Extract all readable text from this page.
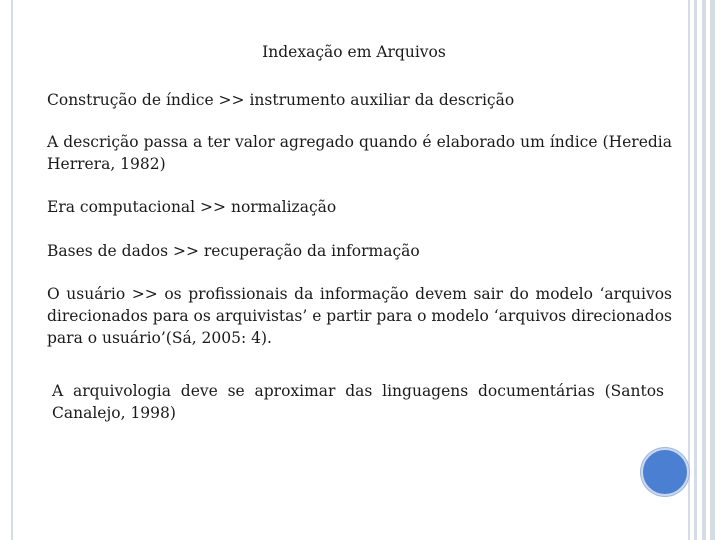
Indexação em Arquivos
Construção de índice >> instrumento auxiliar da descrição
A descrição passa a ter valor agregado quando é elaborado um índice (Heredia Herrera, 1982)
Era computacional >> normalização
Bases de dados >> recuperação da informação
O usuário >> os profissionais da informação devem sair do modelo ‘arquivos direcionados para os arquivistas’ e partir para o modelo ‘arquivos direcionados para o usuário’(Sá, 2005: 4).
A arquivologia deve se aproximar das linguagens documentárias (Santos Canalejo, 1998)
